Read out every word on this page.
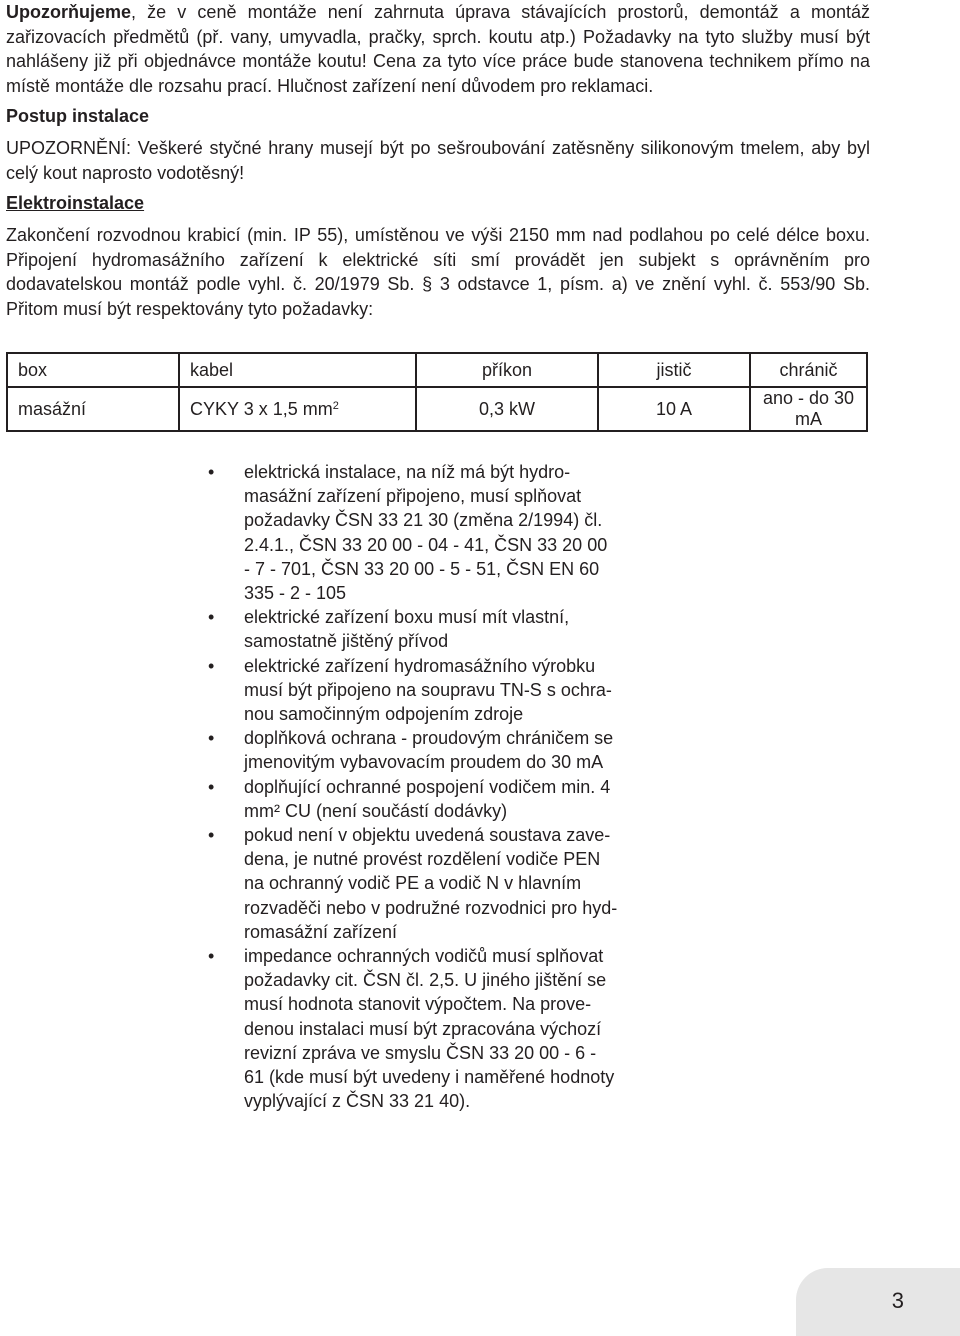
Upozorňujeme, že v ceně montáže není zahrnuta úprava stávajících prostorů, demontáž a montáž zařizovacích předmětů (př. vany, umyvadla, pračky, sprch. koutu atp.) Požadavky na tyto služby musí být nahlášeny již při objednávce montáže koutu! Cena za tyto více práce bude stanovena technikem přímo na místě montáže dle rozsahu prací. Hlučnost zařízení není důvodem pro reklamaci.

Postup instalace

UPOZORNĚNÍ: Veškeré styčné hrany musejí být po sešroubování zatěsněny silikonovým tmelem, aby byl celý kout naprosto vodotěsný!

Elektroinstalace

Zakončení rozvodnou krabicí (min. IP 55), umístěnou ve výši 2150 mm nad podlahou po celé délce boxu. Připojení hydromasážního zařízení k elektrické síti smí provádět jen subjekt s oprávněním pro dodavatelskou montáž podle vyhl. č. 20/1979 Sb. § 3 odstavce 1, písm. a) ve znění vyhl. č. 553/90 Sb. Přitom musí být respektovány tyto požadavky:

box	kabel	příkon	jistič	chránič
masážní	CYKY 3 x 1,5 $mm^2$	0,3 kW	10 A	ano - do 30 mA
• elektrická instalace, na níž má být hydro-
masážní zařízení připojeno, musí splňovat
požadavky ČSN 33 21 30 (změna 2/1994) čl.
2.4.1., ČSN 33 20 00 - 04 - 41, ČSN 33 20 00
- 7 - 701, ČSN 33 20 00 - 5 - 51, ČSN EN 60
335 - 2 - 105
• elektrické zařízení boxu musí mít vlastní,
samostatně jištěný přívod
• elektrické zařízení hydromasážního výrobku
musí být připojeno na soupravu TN-S s ochra-
nou samočinným odpojením zdroje
• doplňková ochrana - proudovým chráničem se
jmenovitým vybavovacím proudem do 30 mA
• doplňující ochranné pospojení vodičem min. 4
mm² CU (není součástí dodávky)
• pokud není v objektu uvedená soustava zave-
dena, je nutné provést rozdělení vodiče PEN
na ochranný vodič PE a vodič N v hlavním
rozvaděči nebo v podružné rozvodnici pro hyd-
romasážní zařízení
• impedance ochranných vodičů musí splňovat
požadavky cit. ČSN čl. 2,5. U jiného jištění se
musí hodnota stanovit výpočtem. Na prove-
denou instalaci musí být zpracována výchozí
revizní zpráva ve smyslu ČSN 33 20 00 - 6 -
61 (kde musí být uvedeny i naměřené hodnoty
vyplývající z ČSN 33 21 40).
3
